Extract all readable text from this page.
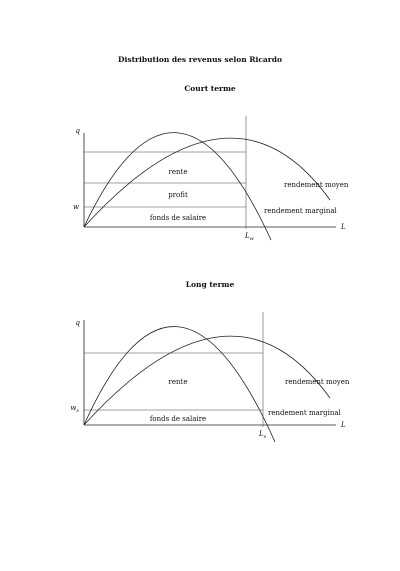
Distribution des revenus selon Ricardo
Court terme
q
L
w
$L_w$
rente
profit
fonds de salaire
rendement moyen
rendement marginal
Long terme
q
L
$w_s$
$L_s$
rente
fonds de salaire
rendement moyen
rendement marginal
